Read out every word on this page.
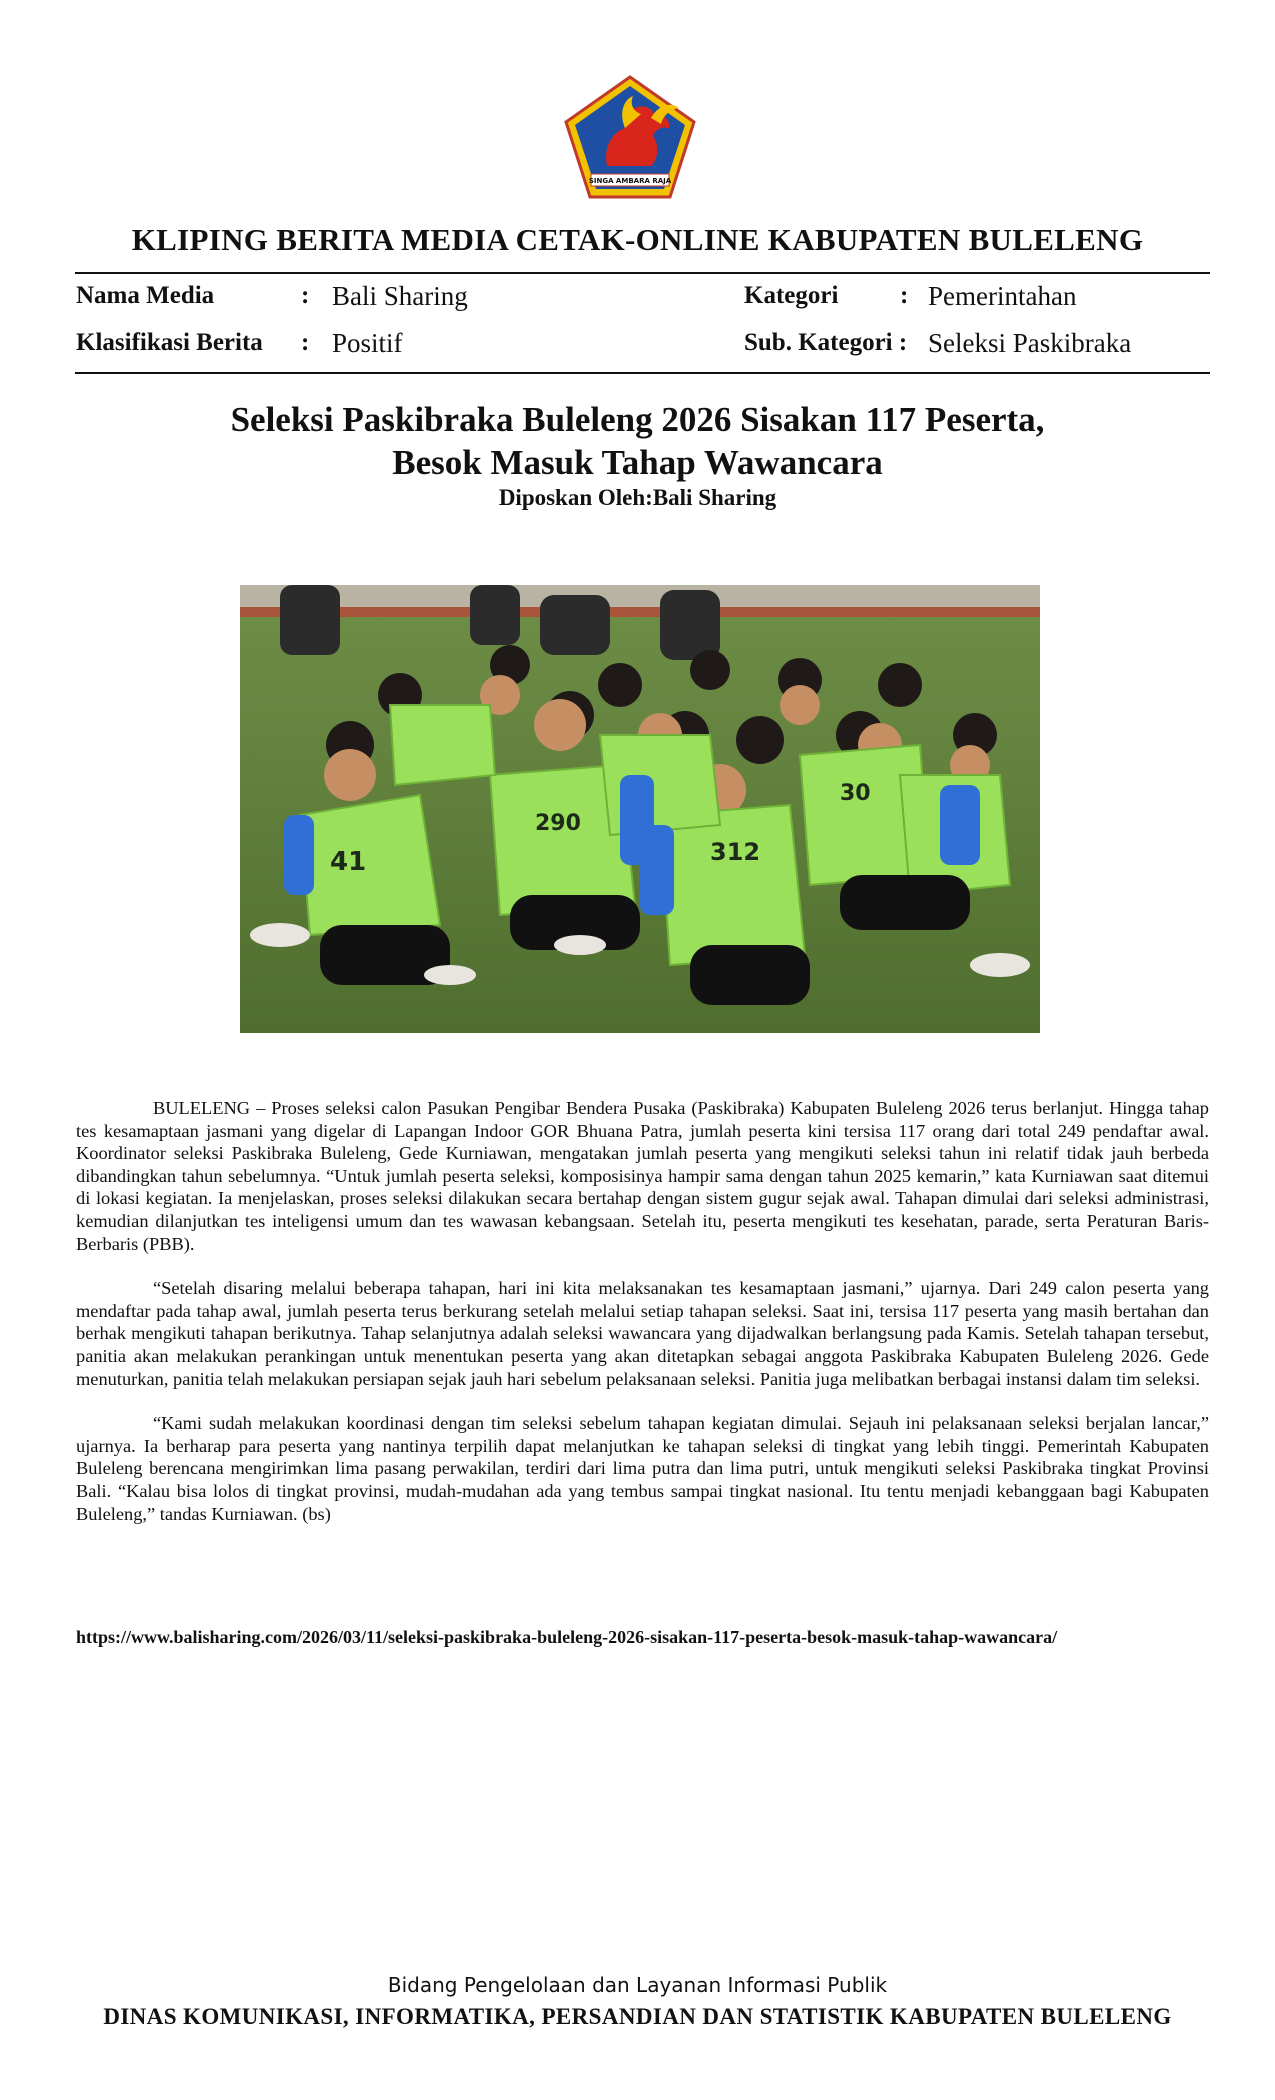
SINGA AMBARA RAJA
KLIPING BERITA MEDIA CETAK-ONLINE KABUPATEN BULELENG
Nama Media	: Bali Sharing	Kategori : Pemerintahan
Klasifikasi Berita : Positif	Sub. Kategori : Seleksi Paskibraka
Seleksi Paskibraka Buleleng 2026 Sisakan 117 Peserta,
Besok Masuk Tahap Wawancara
Diposkan Oleh:Bali Sharing
290
41	312
30

BULELENG – Proses seleksi calon Pasukan Pengibar Bendera Pusaka (Paskibraka) Kabupaten Buleleng 2026 terus berlanjut. Hingga tahap tes kesamaptaan jasmani yang digelar di Lapangan Indoor GOR Bhuana Patra, jumlah peserta kini tersisa 117 orang dari total 249 pendaftar awal. Koordinator seleksi Paskibraka Buleleng, Gede Kurniawan, mengatakan jumlah peserta yang mengikuti seleksi tahun ini relatif tidak jauh berbeda dibandingkan tahun sebelumnya. “Untuk jumlah peserta seleksi, komposisinya hampir sama dengan tahun 2025 kemarin,” kata Kurniawan saat ditemui di lokasi kegiatan. Ia menjelaskan, proses seleksi dilakukan secara bertahap dengan sistem gugur sejak awal. Tahapan dimulai dari seleksi administrasi, kemudian dilanjutkan tes inteligensi umum dan tes wawasan kebangsaan. Setelah itu, peserta mengikuti tes kesehatan, parade, serta Peraturan Baris-Berbaris (PBB).

“Setelah disaring melalui beberapa tahapan, hari ini kita melaksanakan tes kesamaptaan jasmani,” ujarnya. Dari 249 calon peserta yang mendaftar pada tahap awal, jumlah peserta terus berkurang setelah melalui setiap tahapan seleksi. Saat ini, tersisa 117 peserta yang masih bertahan dan berhak mengikuti tahapan berikutnya. Tahap selanjutnya adalah seleksi wawancara yang dijadwalkan berlangsung pada Kamis. Setelah tahapan tersebut, panitia akan melakukan perankingan untuk menentukan peserta yang akan ditetapkan sebagai anggota Paskibraka Kabupaten Buleleng 2026. Gede menuturkan, panitia telah melakukan persiapan sejak jauh hari sebelum pelaksanaan seleksi. Panitia juga melibatkan berbagai instansi dalam tim seleksi.

“Kami sudah melakukan koordinasi dengan tim seleksi sebelum tahapan kegiatan dimulai. Sejauh ini pelaksanaan seleksi berjalan lancar,” ujarnya. Ia berharap para peserta yang nantinya terpilih dapat melanjutkan ke tahapan seleksi di tingkat yang lebih tinggi. Pemerintah Kabupaten Buleleng berencana mengirimkan lima pasang perwakilan, terdiri dari lima putra dan lima putri, untuk mengikuti seleksi Paskibraka tingkat Provinsi Bali. “Kalau bisa lolos di tingkat provinsi, mudah-mudahan ada yang tembus sampai tingkat nasional. Itu tentu menjadi kebanggaan bagi Kabupaten Buleleng,” tandas Kurniawan. (bs)

https://www.balisharing.com/2026/03/11/seleksi-paskibraka-buleleng-2026-sisakan-117-peserta-besok-masuk-tahap-wawancara/
Bidang Pengelolaan dan Layanan Informasi Publik
DINAS KOMUNIKASI, INFORMATIKA, PERSANDIAN DAN STATISTIK KABUPATEN BULELENG
